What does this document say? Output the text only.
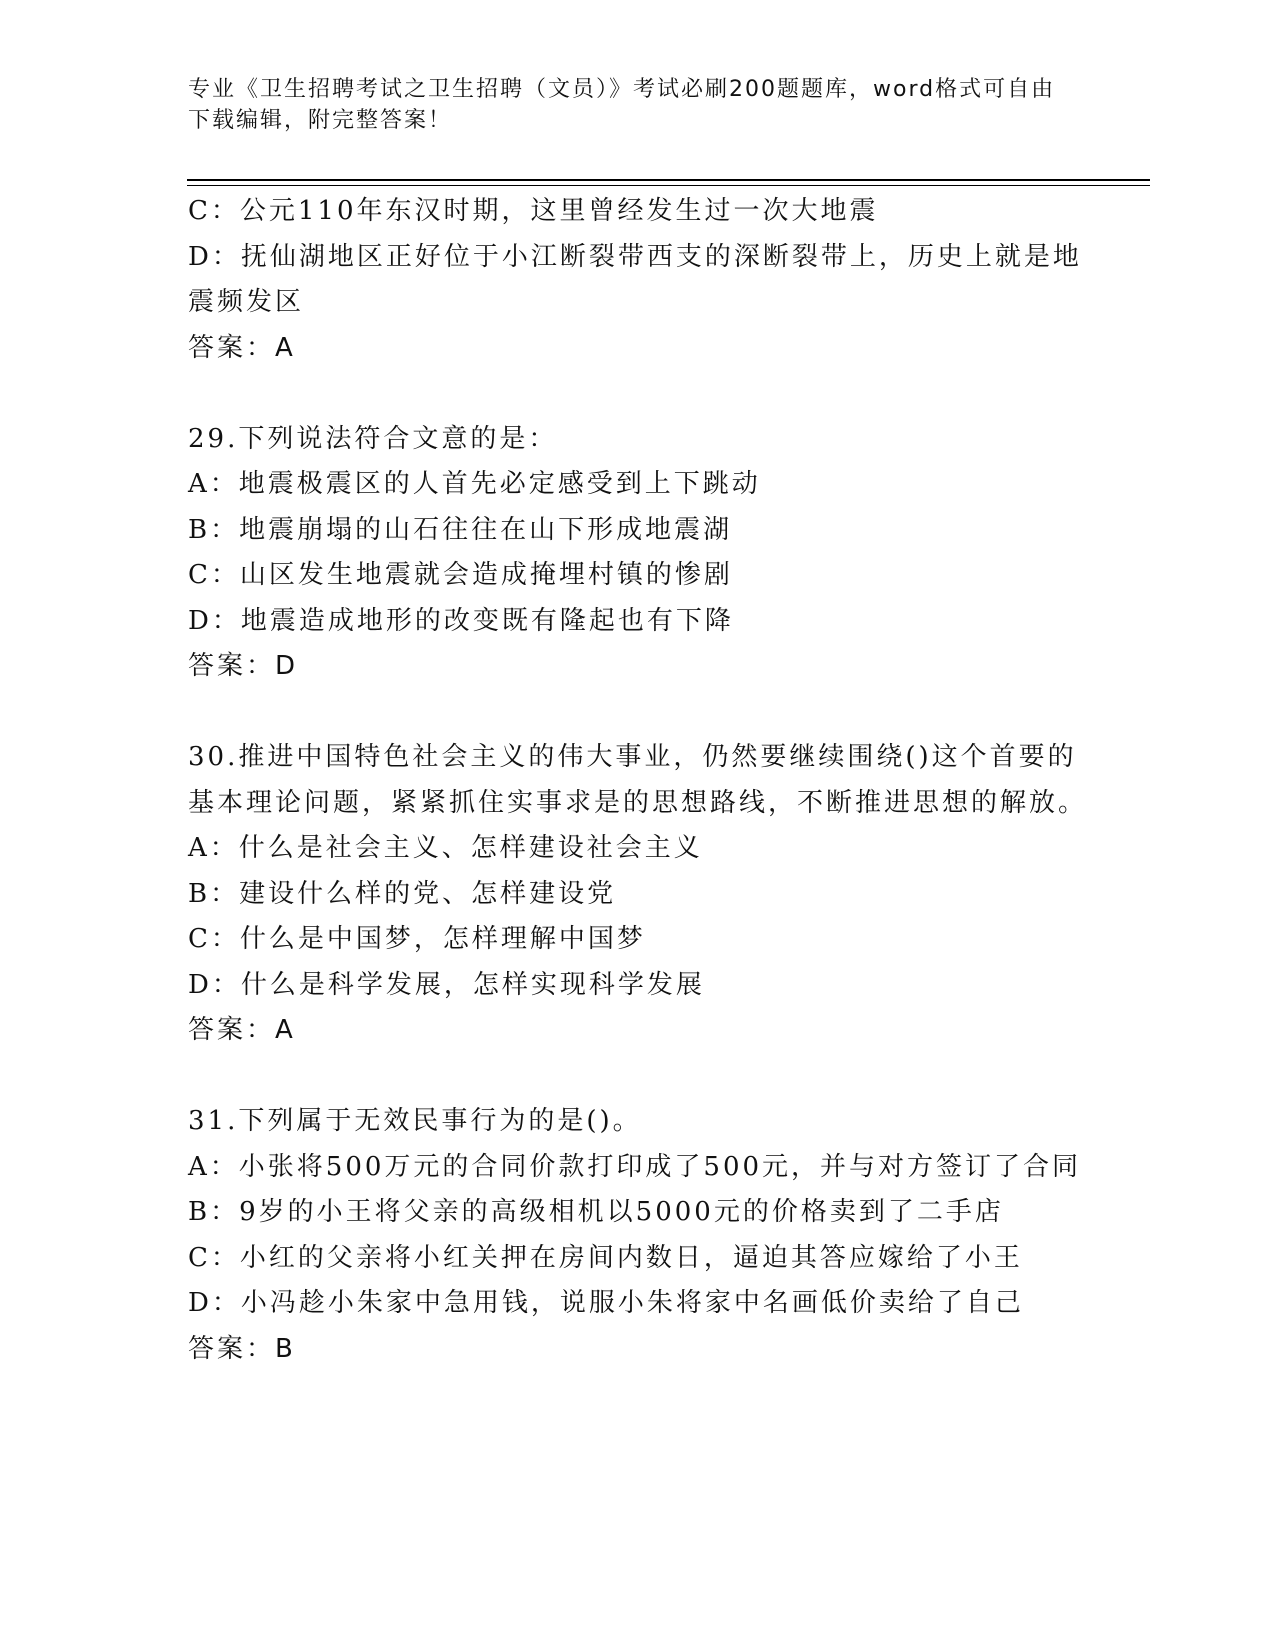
专业《卫生招聘考试之卫生招聘（文员）》考试必刷200题题库，word格式可自由下载编辑，附完整答案！

C：公元110年东汉时期，这里曾经发生过一次大地震

D：抚仙湖地区正好位于小江断裂带西支的深断裂带上，历史上就是地震频发区

答案：A

29.下列说法符合文意的是：

A：地震极震区的人首先必定感受到上下跳动

B：地震崩塌的山石往往在山下形成地震湖

C：山区发生地震就会造成掩埋村镇的惨剧

D：地震造成地形的改变既有隆起也有下降

答案：D

30.推进中国特色社会主义的伟大事业，仍然要继续围绕()这个首要的基本理论问题，紧紧抓住实事求是的思想路线，不断推进思想的解放。

A：什么是社会主义、怎样建设社会主义

B：建设什么样的党、怎样建设党

C：什么是中国梦，怎样理解中国梦

D：什么是科学发展，怎样实现科学发展

答案：A

31.下列属于无效民事行为的是()。

A：小张将500万元的合同价款打印成了500元，并与对方签订了合同

B：9岁的小王将父亲的高级相机以5000元的价格卖到了二手店

C：小红的父亲将小红关押在房间内数日，逼迫其答应嫁给了小王

D：小冯趁小朱家中急用钱，说服小朱将家中名画低价卖给了自己

答案：B
